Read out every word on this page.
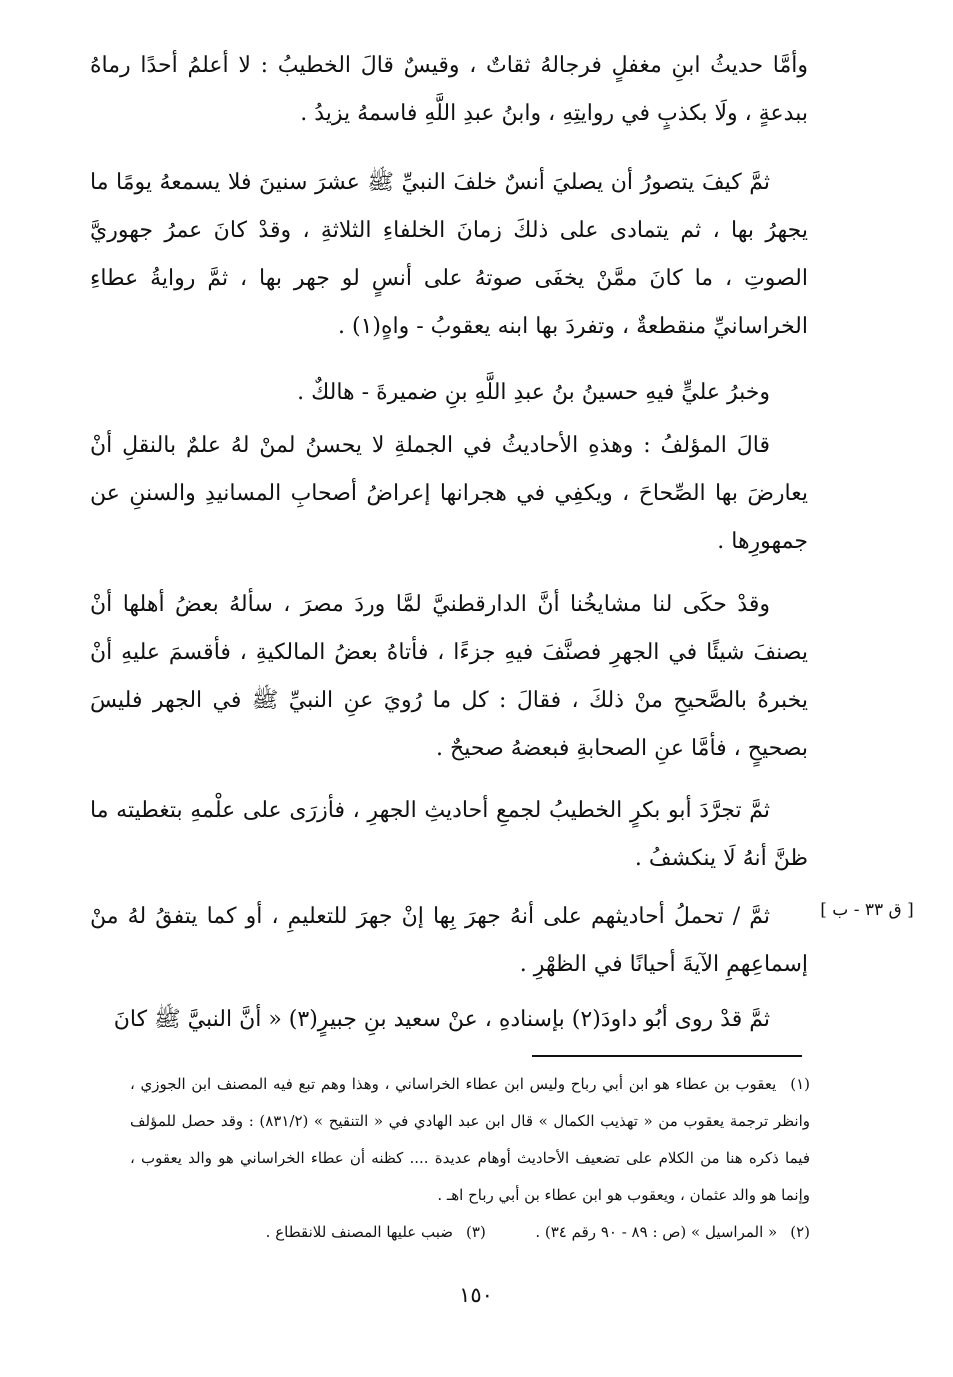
وأمَّا حديثُ ابنِ مغفلٍ فرجالهُ ثقاتٌ ، وقيسٌ قالَ الخطيبُ : لا أعلمُ أحدًا رماهُ ببدعةٍ ، ولَا بكذبٍ في روايتِهِ ، وابنُ عبدِ اللَّهِ فاسمهُ يزيدُ .

ثمَّ كيفَ يتصورُ أن يصليَ أنسٌ خلفَ النبيِّ ﷺ عشرَ سنينَ فلا يسمعهُ يومًا ما يجهرُ بها ، ثم يتمادى على ذلكَ زمانَ الخلفاءِ الثلاثةِ ، وقدْ كانَ عمرُ جهوريَّ الصوتِ ، ما كانَ ممَّنْ يخفَى صوتهُ على أنسٍ لو جهر بها ، ثمَّ روايةُ عطاءِ الخراسانيِّ منقطعةٌ ، وتفردَ بها ابنه يعقوبُ - واهٍ(١) .

وخبرُ عليٍّ فيهِ حسينُ بنُ عبدِ اللَّهِ بنِ ضميرةَ - هالكٌ .

قالَ المؤلفُ : وهذهِ الأحاديثُ في الجملةِ لا يحسنُ لمنْ لهُ علمٌ بالنقلِ أنْ يعارضَ بها الصِّحاحَ ، ويكفِي في هجرانها إعراضُ أصحابِ المسانيدِ والسننِ عن جمهورِها .

وقدْ حكَى لنا مشايخُنا أنَّ الدارقطنيَّ لمَّا وردَ مصرَ ، سألهُ بعضُ أهلها أنْ يصنفَ شيئًا في الجهرِ فصنَّفَ فيهِ جزءًا ، فأتاهُ بعضُ المالكيةِ ، فأقسمَ عليهِ أنْ يخبرهُ بالصَّحيحِ منْ ذلكَ ، فقالَ : كل ما رُويَ عنِ النبيِّ ﷺ في الجهر فليسَ بصحيحٍ ، فأمَّا عنِ الصحابةِ فبعضهُ صحيحٌ .

ثمَّ تجرَّدَ أبو بكرٍ الخطيبُ لجمعِ أحاديثِ الجهرِ ، فأزرَى على علْمهِ بتغطيته ما ظنَّ أنهُ لَا ينكشفُ .

ثمَّ / تحملُ أحاديثهم على أنهُ جهرَ بِها إنْ جهرَ للتعليمِ ، أو كما يتفقُ لهُ منْ إسماعِهمِ الآيةَ أحيانًا في الظهْرِ .

ثمَّ قدْ روى أبُو داودَ(٢) بإسنادهِ ، عنْ سعيد بنِ جبيرٍ(٣) « أنَّ النبيَّ ﷺ كانَ

[ ق ٣٣ - ب ]

(١) يعقوب بن عطاء هو ابن أبي رباح وليس ابن عطاء الخراساني ، وهذا وهم تبع فيه المصنف ابن الجوزي ، وانظر ترجمة يعقوب من « تهذيب الكمال » قال ابن عبد الهادي في « التنقيح » (٨٣١/٢) : وقد حصل للمؤلف فيما ذكره هنا من الكلام على تضعيف الأحاديث أوهام عديدة .... كظنه أن عطاء الخراساني هو والد يعقوب ، وإنما هو والد عثمان ، ويعقوب هو ابن عطاء بن أبي رباح اهـ .

(٢) « المراسيل » (ص : ٨٩ - ٩٠ رقم ٣٤) .  (٣) ضبب عليها المصنف للانقطاع .

١٥٠
